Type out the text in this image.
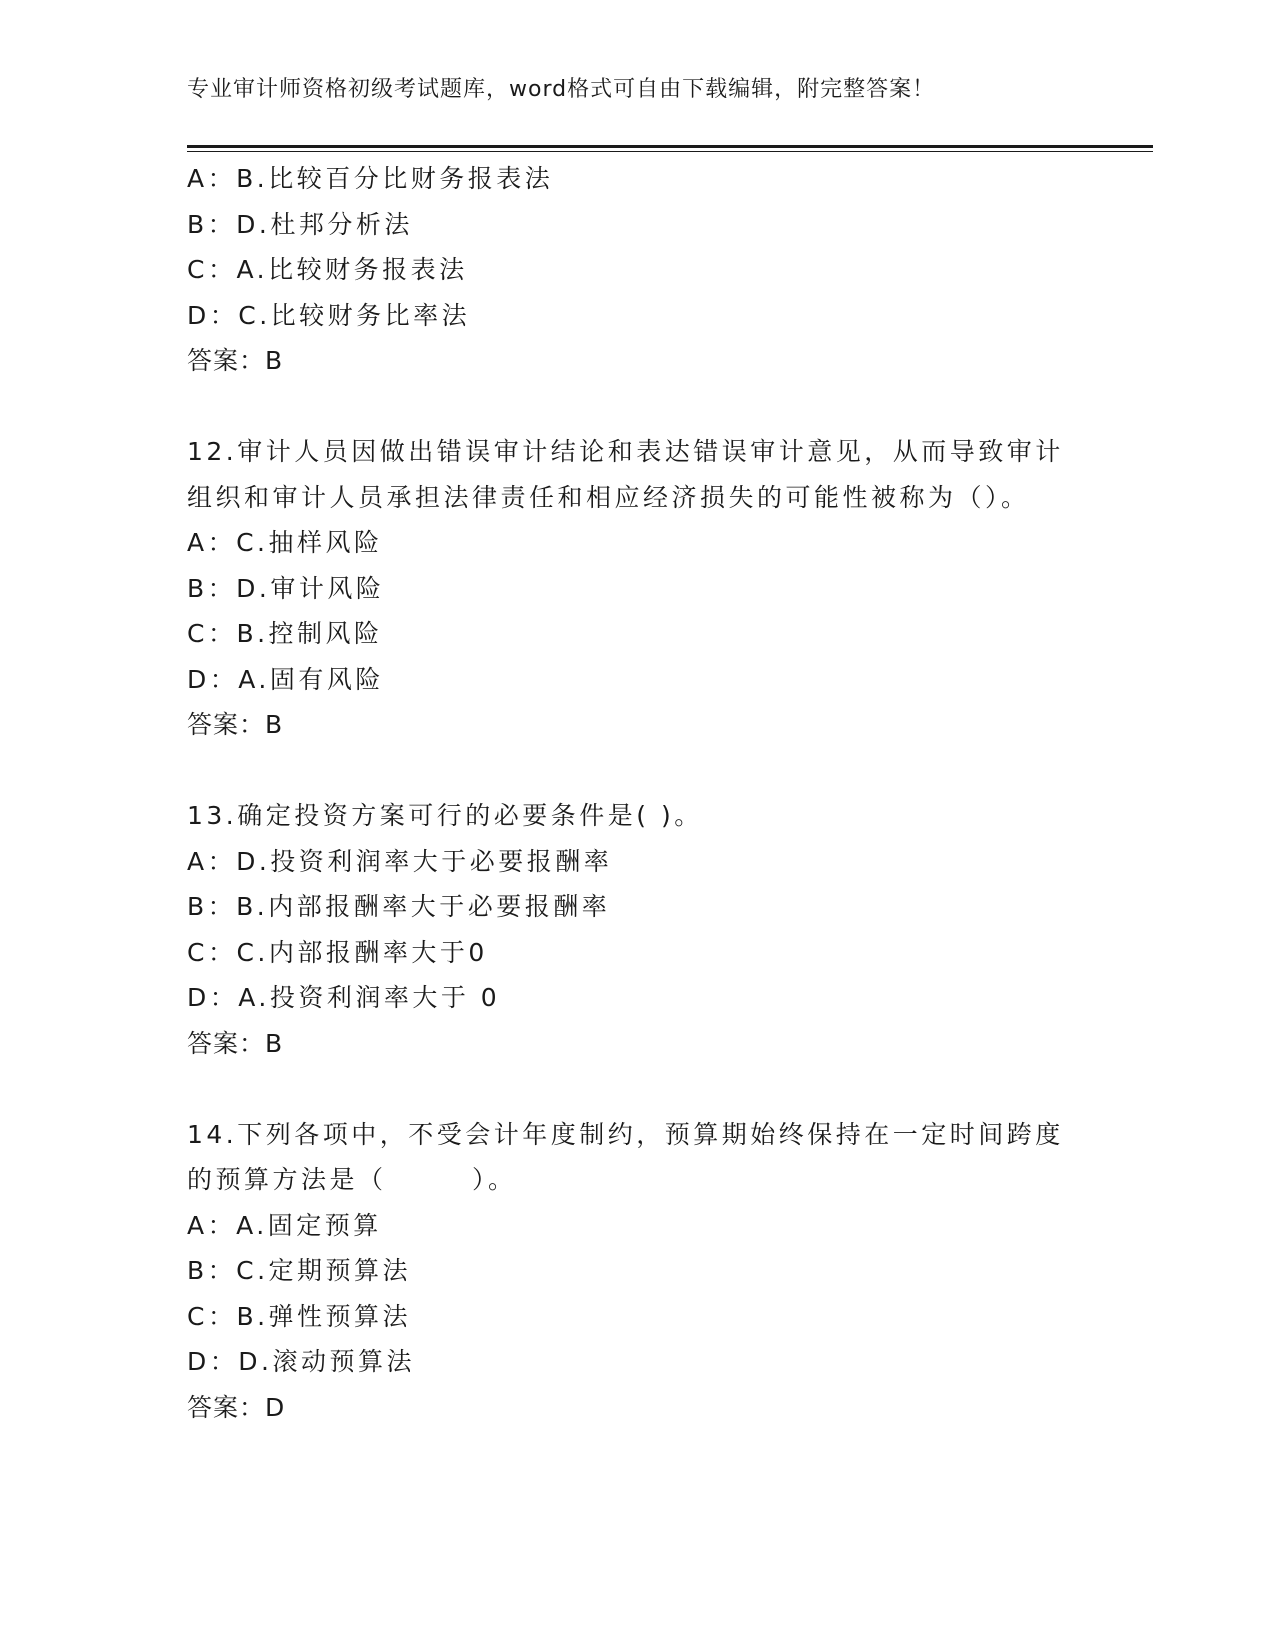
专业审计师资格初级考试题库，word格式可自由下载编辑，附完整答案！
A：B.比较百分比财务报表法
B：D.杜邦分析法
C：A.比较财务报表法
D：C.比较财务比率法
答案：B
12.审计人员因做出错误审计结论和表达错误审计意见，从而导致审计
组织和审计人员承担法律责任和相应经济损失的可能性被称为（）。
A：C.抽样风险
B：D.审计风险
C：B.控制风险
D：A.固有风险
答案：B
13.确定投资方案可行的必要条件是( )。
A：D.投资利润率大于必要报酬率
B：B.内部报酬率大于必要报酬率
C：C.内部报酬率大于0
D：A.投资利润率大于 0
答案：B
14.下列各项中，不受会计年度制约，预算期始终保持在一定时间跨度
的预算方法是（　　　）。
A：A.固定预算
B：C.定期预算法
C：B.弹性预算法
D：D.滚动预算法
答案：D
